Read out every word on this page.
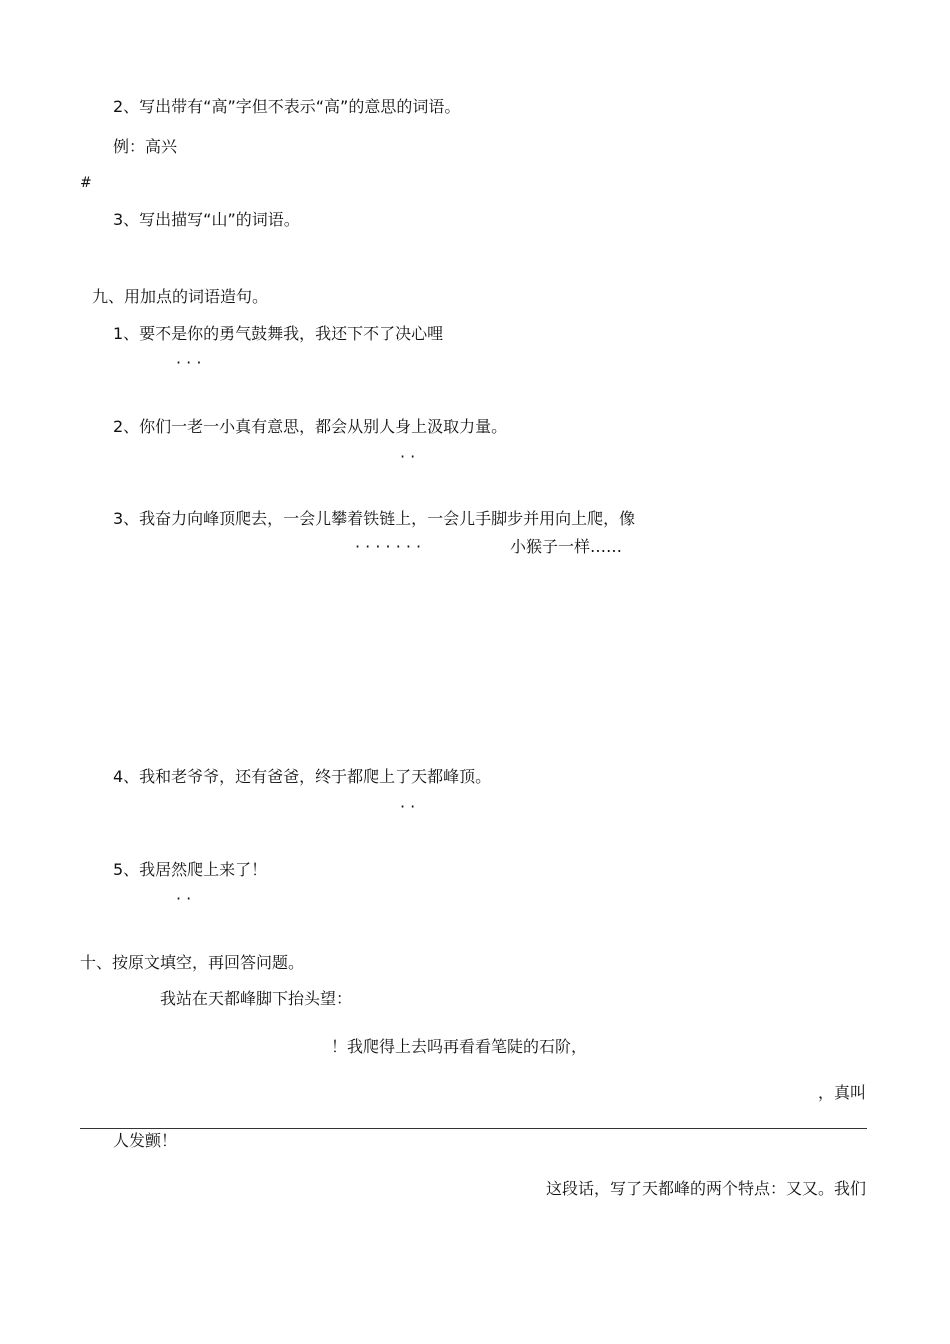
2、写出带有“高”字但不表示“高”的意思的词语。
例：高兴
#
3、写出描写“山”的词语。
九、用加点的词语造句。
1、要不是你的勇气鼓舞我，我还下不了决心哩
· · ·
2、你们一老一小真有意思，都会从别人身上汲取力量。
· ·
3、我奋力向峰顶爬去，一会儿攀着铁链上，一会儿手脚步并用向上爬，像
· · · · · · ·	小猴子一样……
4、我和老爷爷，还有爸爸，终于都爬上了天都峰顶。
· ·
5、我居然爬上来了！
· ·
十、按原文填空，再回答问题。
我站在天都峰脚下抬头望：
！我爬得上去吗再看看笔陡的石阶，
，真叫
人发颤！
这段话，写了天都峰的两个特点：又又。我们
